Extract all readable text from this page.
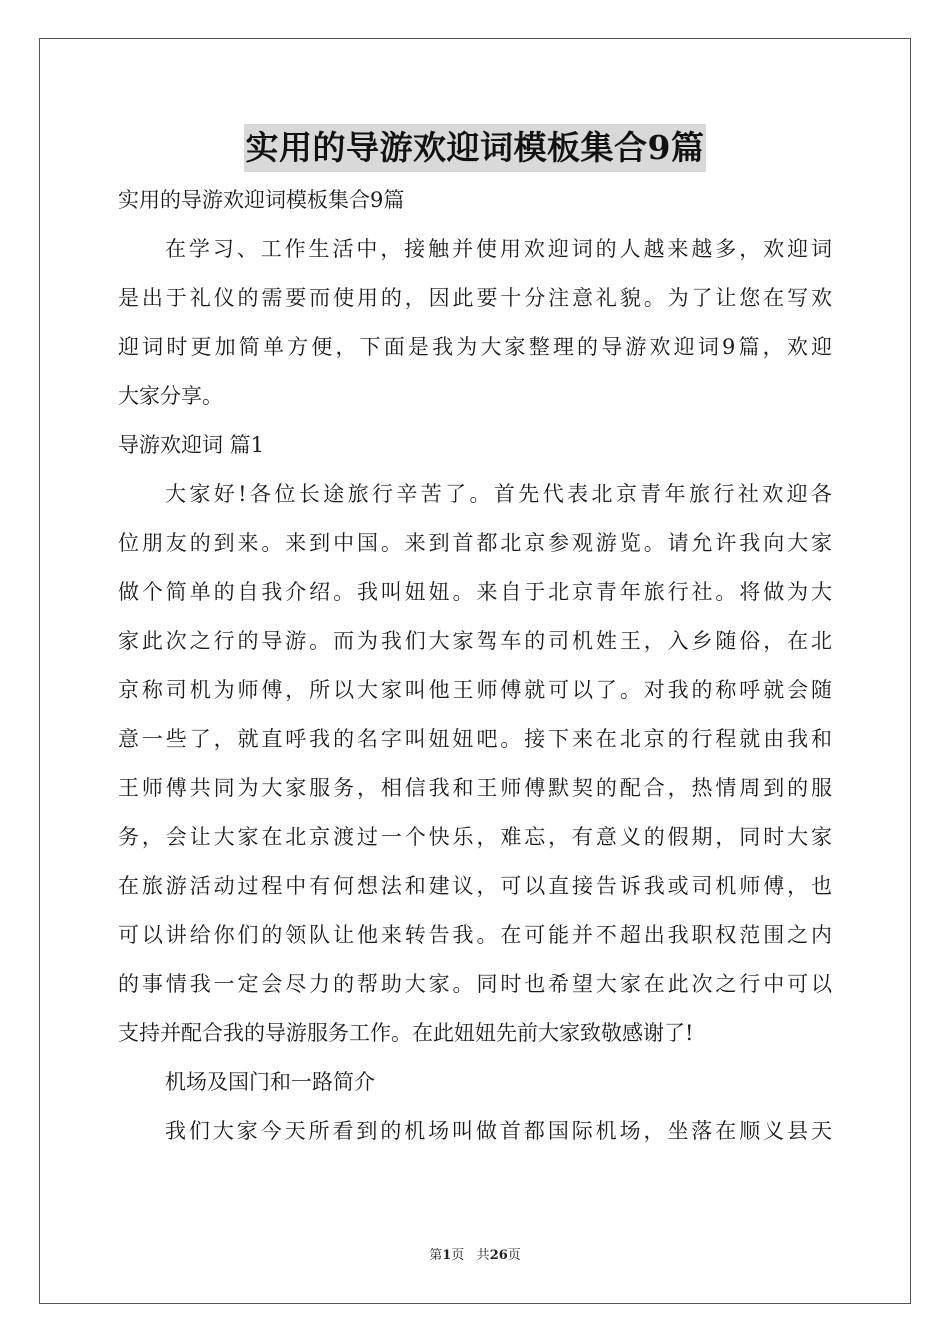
实用的导游欢迎词模板集合9篇
实用的导游欢迎词模板集合9篇
在学习、工作生活中，接触并使用欢迎词的人越来越多，欢迎词
是出于礼仪的需要而使用的，因此要十分注意礼貌。为了让您在写欢
迎词时更加简单方便，下面是我为大家整理的导游欢迎词9篇，欢迎
大家分享。
导游欢迎词 篇1
大家好!各位长途旅行辛苦了。首先代表北京青年旅行社欢迎各
位朋友的到来。来到中国。来到首都北京参观游览。请允许我向大家
做个简单的自我介绍。我叫妞妞。来自于北京青年旅行社。将做为大
家此次之行的导游。而为我们大家驾车的司机姓王，入乡随俗，在北
京称司机为师傅，所以大家叫他王师傅就可以了。对我的称呼就会随
意一些了，就直呼我的名字叫妞妞吧。接下来在北京的行程就由我和
王师傅共同为大家服务，相信我和王师傅默契的配合，热情周到的服
务，会让大家在北京渡过一个快乐，难忘，有意义的假期，同时大家
在旅游活动过程中有何想法和建议，可以直接告诉我或司机师傅，也
可以讲给你们的领队让他来转告我。在可能并不超出我职权范围之内
的事情我一定会尽力的帮助大家。同时也希望大家在此次之行中可以
支持并配合我的导游服务工作。在此妞妞先前大家致敬感谢了!
机场及国门和一路简介
我们大家今天所看到的机场叫做首都国际机场，坐落在顺义县天
第1页 共26页
